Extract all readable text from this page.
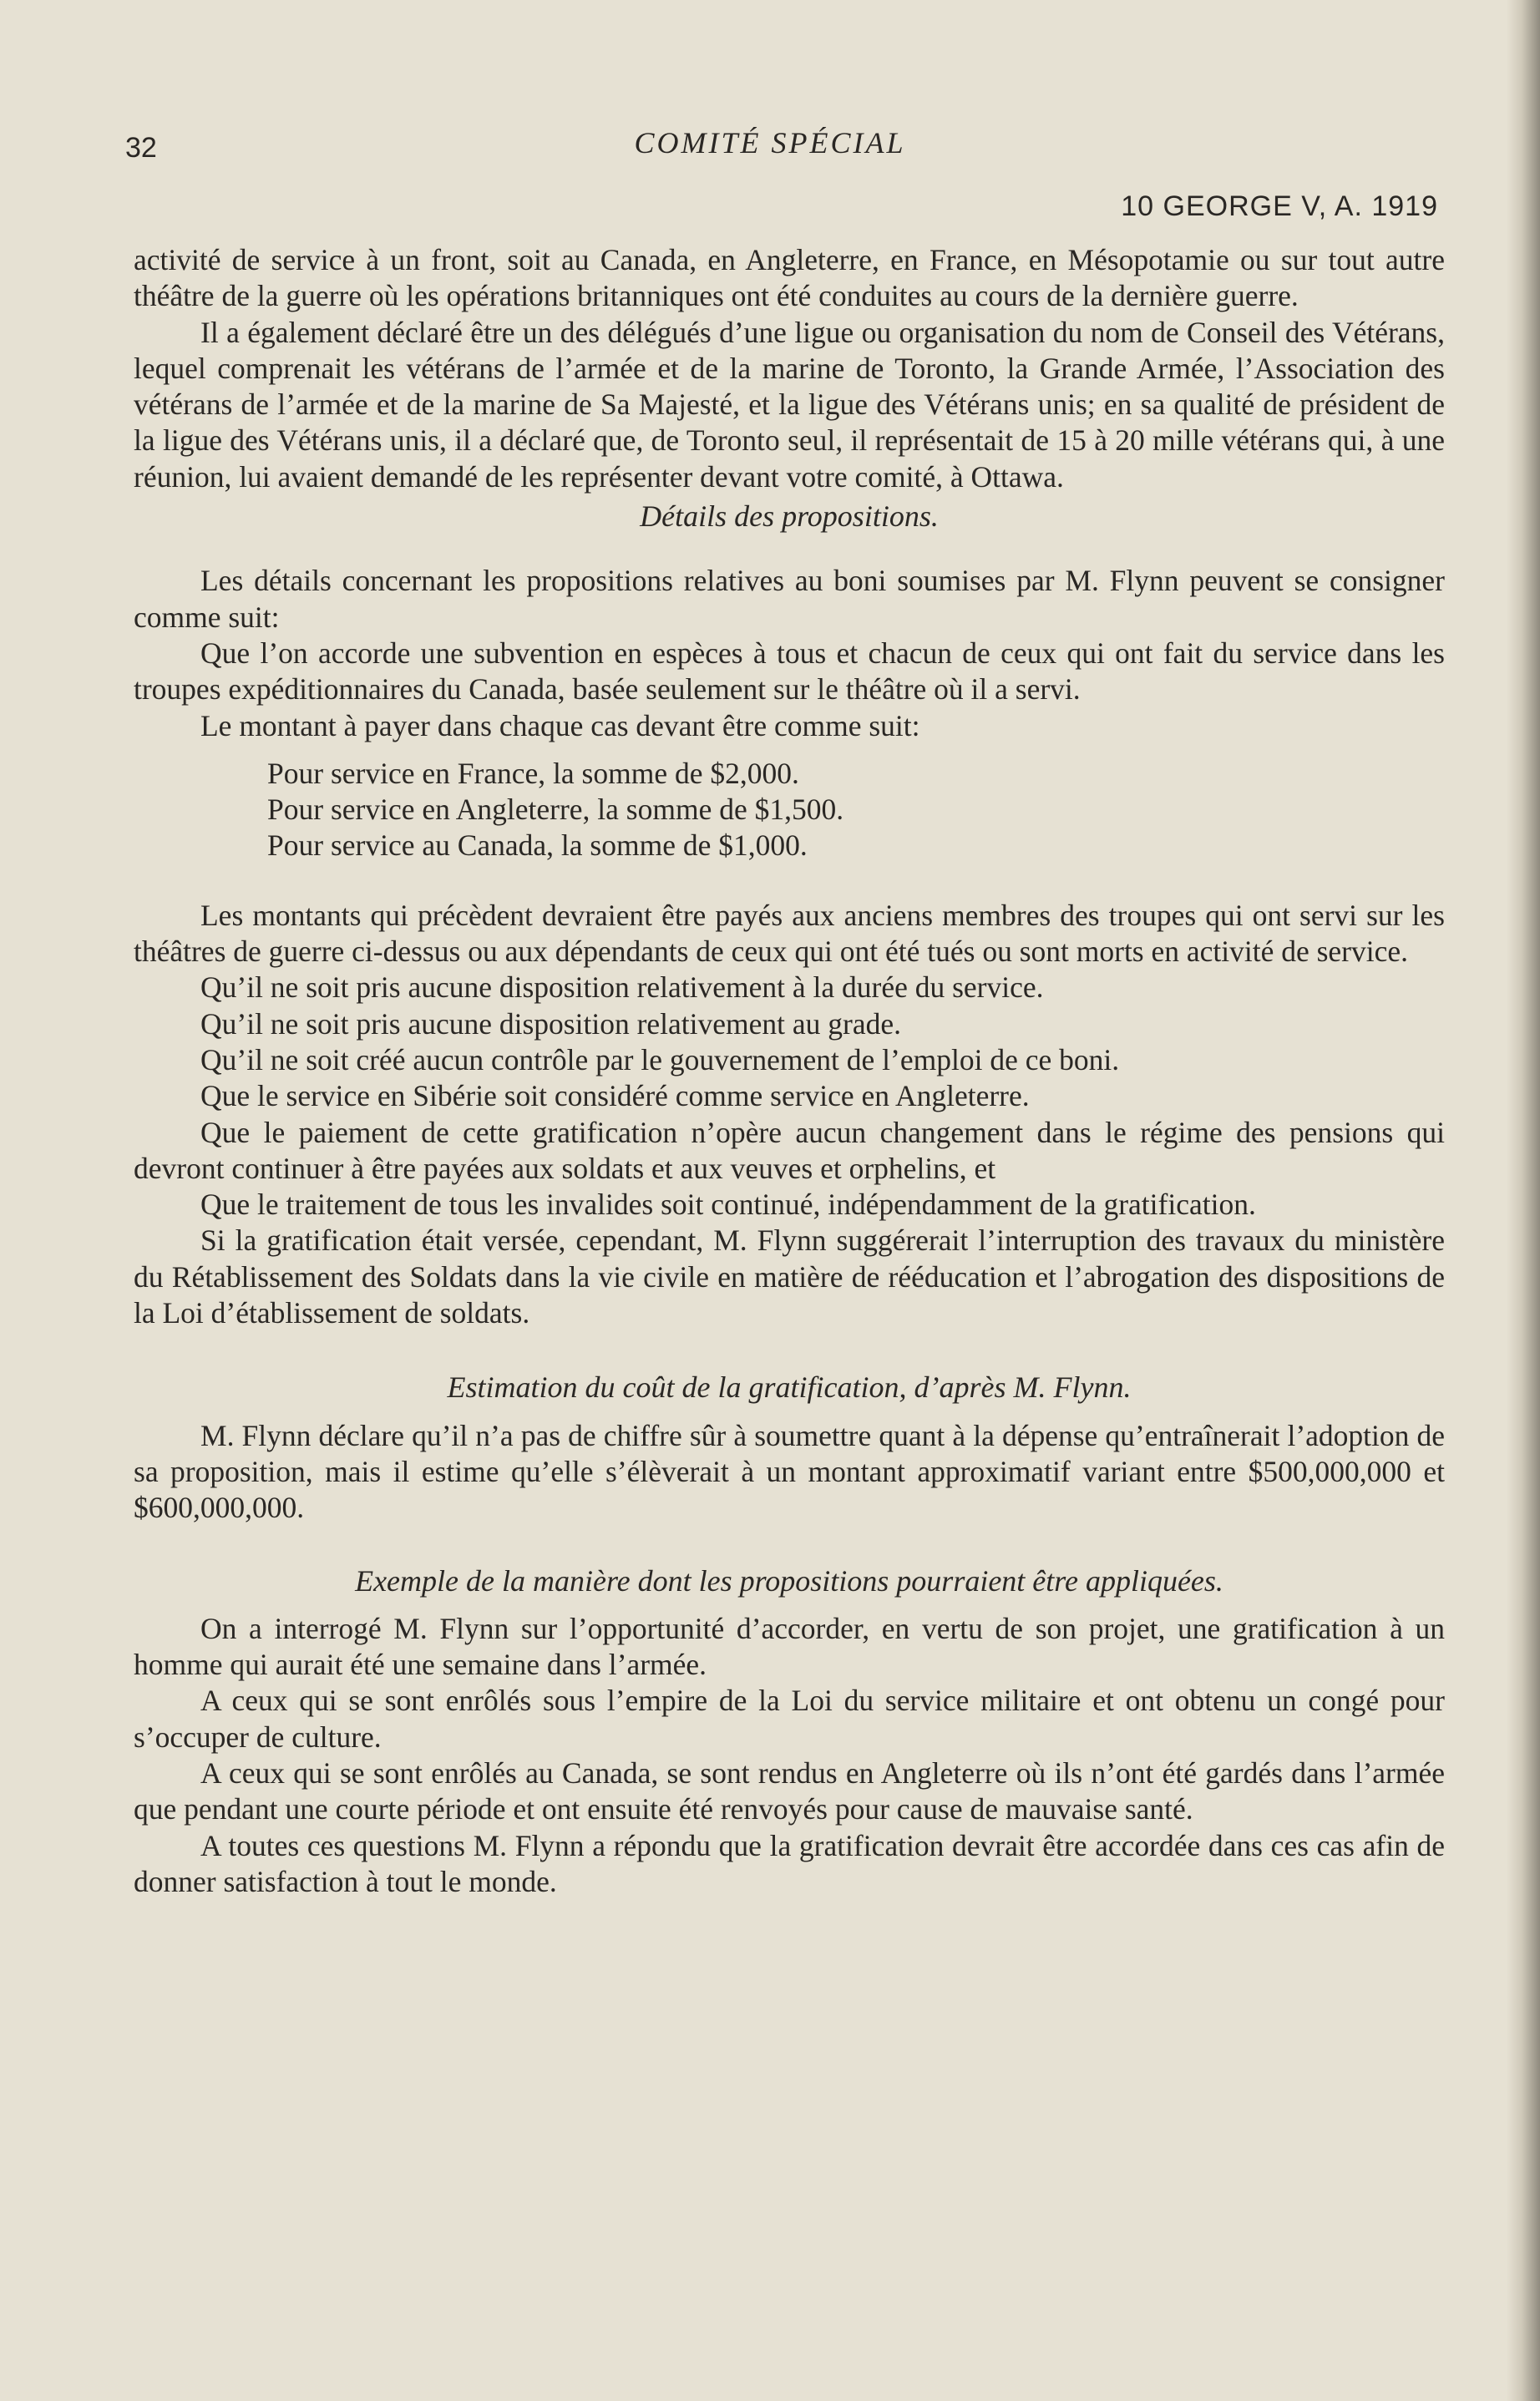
32	COMITÉ SPÉCIAL
10 GEORGE V, A. 1919

activité de service à un front, soit au Canada, en Angleterre, en France, en Mésopotamie ou sur tout autre théâtre de la guerre où les opérations britanniques ont été conduites au cours de la dernière guerre.

Il a également déclaré être un des délégués d’une ligue ou organisation du nom de Conseil des Vétérans, lequel comprenait les vétérans de l’armée et de la marine de Toronto, la Grande Armée, l’Association des vétérans de l’armée et de la marine de Sa Majesté, et la ligue des Vétérans unis; en sa qualité de président de la ligue des Vétérans unis, il a déclaré que, de Toronto seul, il représentait de 15 à 20 mille vétérans qui, à une réunion, lui avaient demandé de les représenter devant votre comité, à Ottawa.

Détails des propositions.

Les détails concernant les propositions relatives au boni soumises par M. Flynn peuvent se consigner comme suit:

Que l’on accorde une subvention en espèces à tous et chacun de ceux qui ont fait du service dans les troupes expéditionnaires du Canada, basée seulement sur le théâtre où il a servi.

Le montant à payer dans chaque cas devant être comme suit:

Pour service en France, la somme de $2,000.

Pour service en Angleterre, la somme de $1,500.

Pour service au Canada, la somme de $1,000.

Les montants qui précèdent devraient être payés aux anciens membres des troupes qui ont servi sur les théâtres de guerre ci-dessus ou aux dépendants de ceux qui ont été tués ou sont morts en activité de service.

Qu’il ne soit pris aucune disposition relativement à la durée du service.

Qu’il ne soit pris aucune disposition relativement au grade.

Qu’il ne soit créé aucun contrôle par le gouvernement de l’emploi de ce boni.

Que le service en Sibérie soit considéré comme service en Angleterre.

Que le paiement de cette gratification n’opère aucun changement dans le régime des pensions qui devront continuer à être payées aux soldats et aux veuves et orphelins, et

Que le traitement de tous les invalides soit continué, indépendamment de la gratification.

Si la gratification était versée, cependant, M. Flynn suggérerait l’interruption des travaux du ministère du Rétablissement des Soldats dans la vie civile en matière de rééducation et l’abrogation des dispositions de la Loi d’établissement de soldats.

Estimation du coût de la gratification, d’après M. Flynn.

M. Flynn déclare qu’il n’a pas de chiffre sûr à soumettre quant à la dépense qu’entraînerait l’adoption de sa proposition, mais il estime qu’elle s’élèverait à un montant approximatif variant entre $500,000,000 et $600,000,000.

Exemple de la manière dont les propositions pourraient être appliquées.

On a interrogé M. Flynn sur l’opportunité d’accorder, en vertu de son projet, une gratification à un homme qui aurait été une semaine dans l’armée.

A ceux qui se sont enrôlés sous l’empire de la Loi du service militaire et ont obtenu un congé pour s’occuper de culture.

A ceux qui se sont enrôlés au Canada, se sont rendus en Angleterre où ils n’ont été gardés dans l’armée que pendant une courte période et ont ensuite été renvoyés pour cause de mauvaise santé.

A toutes ces questions M. Flynn a répondu que la gratification devrait être accordée dans ces cas afin de donner satisfaction à tout le monde.
